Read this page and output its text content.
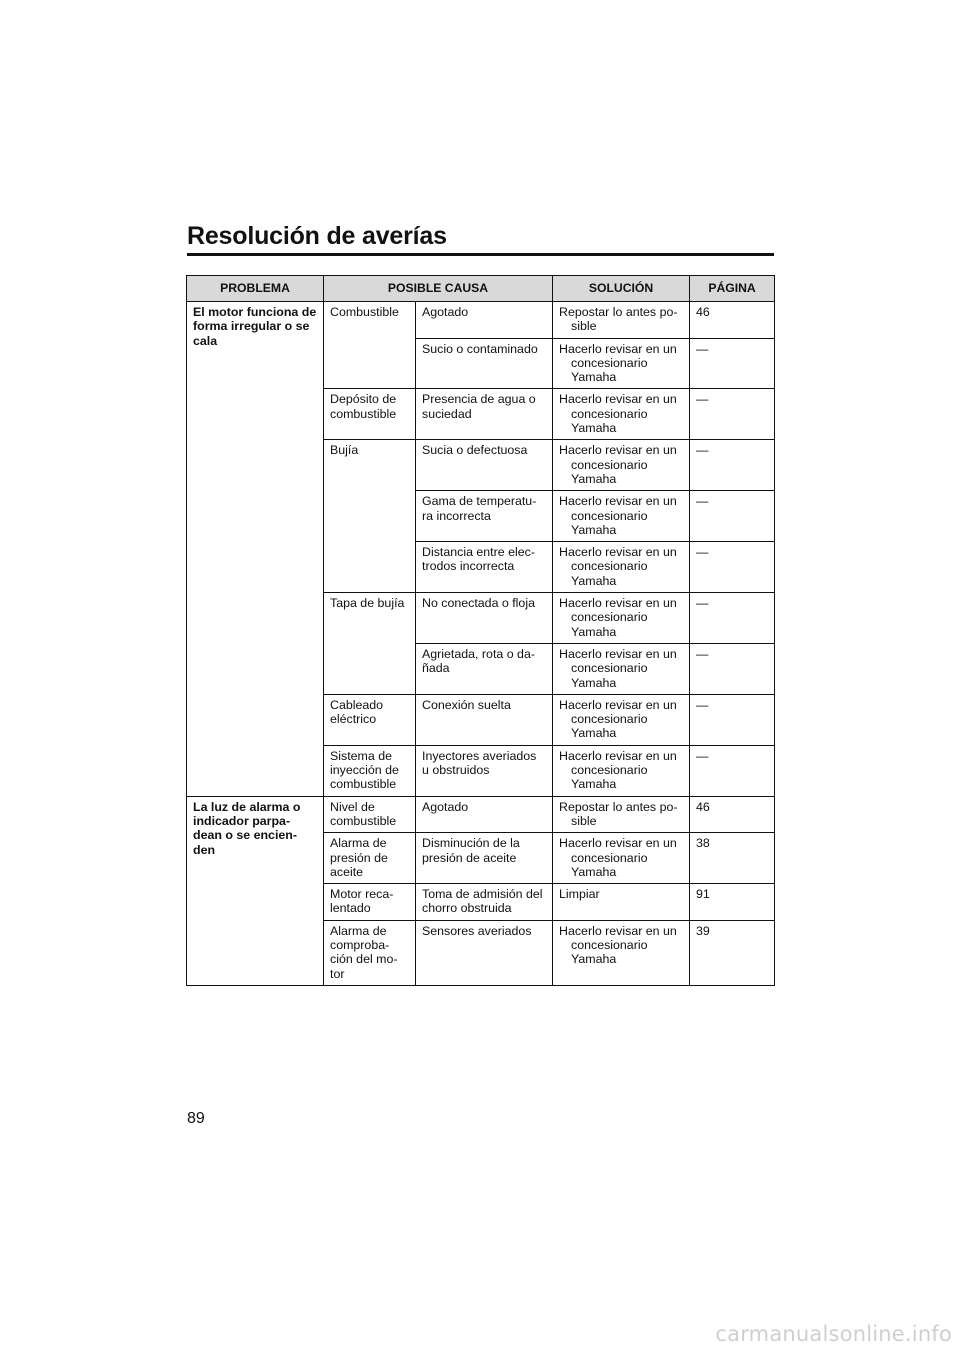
Resolución de averías
PROBLEMA	POSIBLE CAUSA		SOLUCIÓN	PÁGINA
El motor funciona de forma irregular o se cala	Combustible	Agotado	Repostar lo antes po-sible	46
		Sucio o contaminado	Hacerlo revisar en un concesionario Yamaha	—
	Depósito de combustible	Presencia de agua o suciedad	Hacerlo revisar en un concesionario Yamaha	—
	Bujía	Sucia o defectuosa	Hacerlo revisar en un concesionario Yamaha	—
		Gama de temperatu-ra incorrecta	Hacerlo revisar en un concesionario Yamaha	—
		Distancia entre elec-trodos incorrecta	Hacerlo revisar en un concesionario Yamaha	—
	Tapa de bujía	No conectada o floja	Hacerlo revisar en un concesionario Yamaha	—
		Agrietada, rota o da-ñada	Hacerlo revisar en un concesionario Yamaha	—
	Cableado eléctrico	Conexión suelta	Hacerlo revisar en un concesionario Yamaha	—
	Sistema de inyección de combustible	Inyectores averiados u obstruidos	Hacerlo revisar en un concesionario Yamaha	—
La luz de alarma o indicador parpa-dean o se encien-den	Nivel de combustible	Agotado	Repostar lo antes po-sible	46
	Alarma de presión de aceite	Disminución de la presión de aceite	Hacerlo revisar en un concesionario Yamaha	38
	Motor reca-lentado	Toma de admisión del chorro obstruida	Limpiar	91
	Alarma de comproba-ción del mo-tor	Sensores averiados	Hacerlo revisar en un concesionario Yamaha	39
89
carmanualsonline.info
